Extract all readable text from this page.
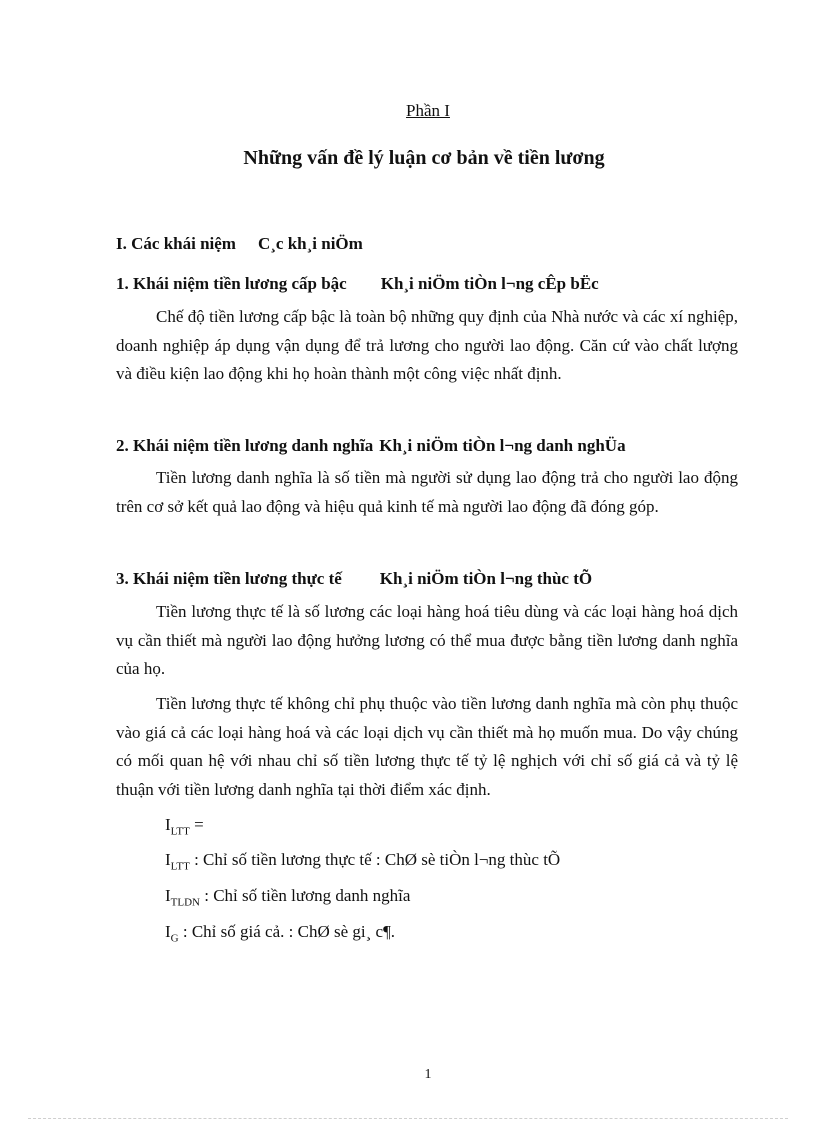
Phần I
Những vấn đề lý luận cơ bản về tiền lương
I. Các khái niệm C¸c kh¸i niÖm
1. Khái niệm tiền lương cấp bậc Kh¸i niÖm tiÒn l¬ng cÊp bËc

Chế độ tiền lương cấp bậc là toàn bộ những quy định của Nhà nước và các xí nghiệp, doanh nghiệp áp dụng vận dụng để trả lương cho người lao động. Căn cứ vào chất lượng và điều kiện lao động khi họ hoàn thành một công việc nhất định.

2. Khái niệm tiền lương danh nghĩa Kh¸i niÖm tiÒn l¬ng danh nghÜa

Tiền lương danh nghĩa là số tiền mà người sử dụng lao động trả cho người lao động trên cơ sở kết quả lao động và hiệu quả kinh tế mà người lao động đã đóng góp.

3. Khái niệm tiền lương thực tế Kh¸i niÖm tiÒn l¬ng thùc tÕ

Tiền lương thực tế là số lương các loại hàng hoá tiêu dùng và các loại hàng hoá dịch vụ cần thiết mà người lao động hưởng lương có thể mua được bằng tiền lương danh nghĩa của họ.

Tiền lương thực tế không chỉ phụ thuộc vào tiền lương danh nghĩa mà còn phụ thuộc vào giá cả các loại hàng hoá và các loại dịch vụ cần thiết mà họ muốn mua. Do vậy chúng có mối quan hệ với nhau chỉ số tiền lương thực tế tỷ lệ nghịch với chỉ số giá cả và tỷ lệ thuận với tiền lương danh nghĩa tại thời điểm xác định.

$I_{LTT}$ =
$I_{LTT}$ : Chỉ số tiền lương thực tế : ChØ sè tiÒn l¬ng thùc tÕ
$I_{TLDN}$ : Chỉ số tiền lương danh nghĩa
$I_G$ : Chỉ số giá cả. : ChØ sè gi¸ c¶.
1
